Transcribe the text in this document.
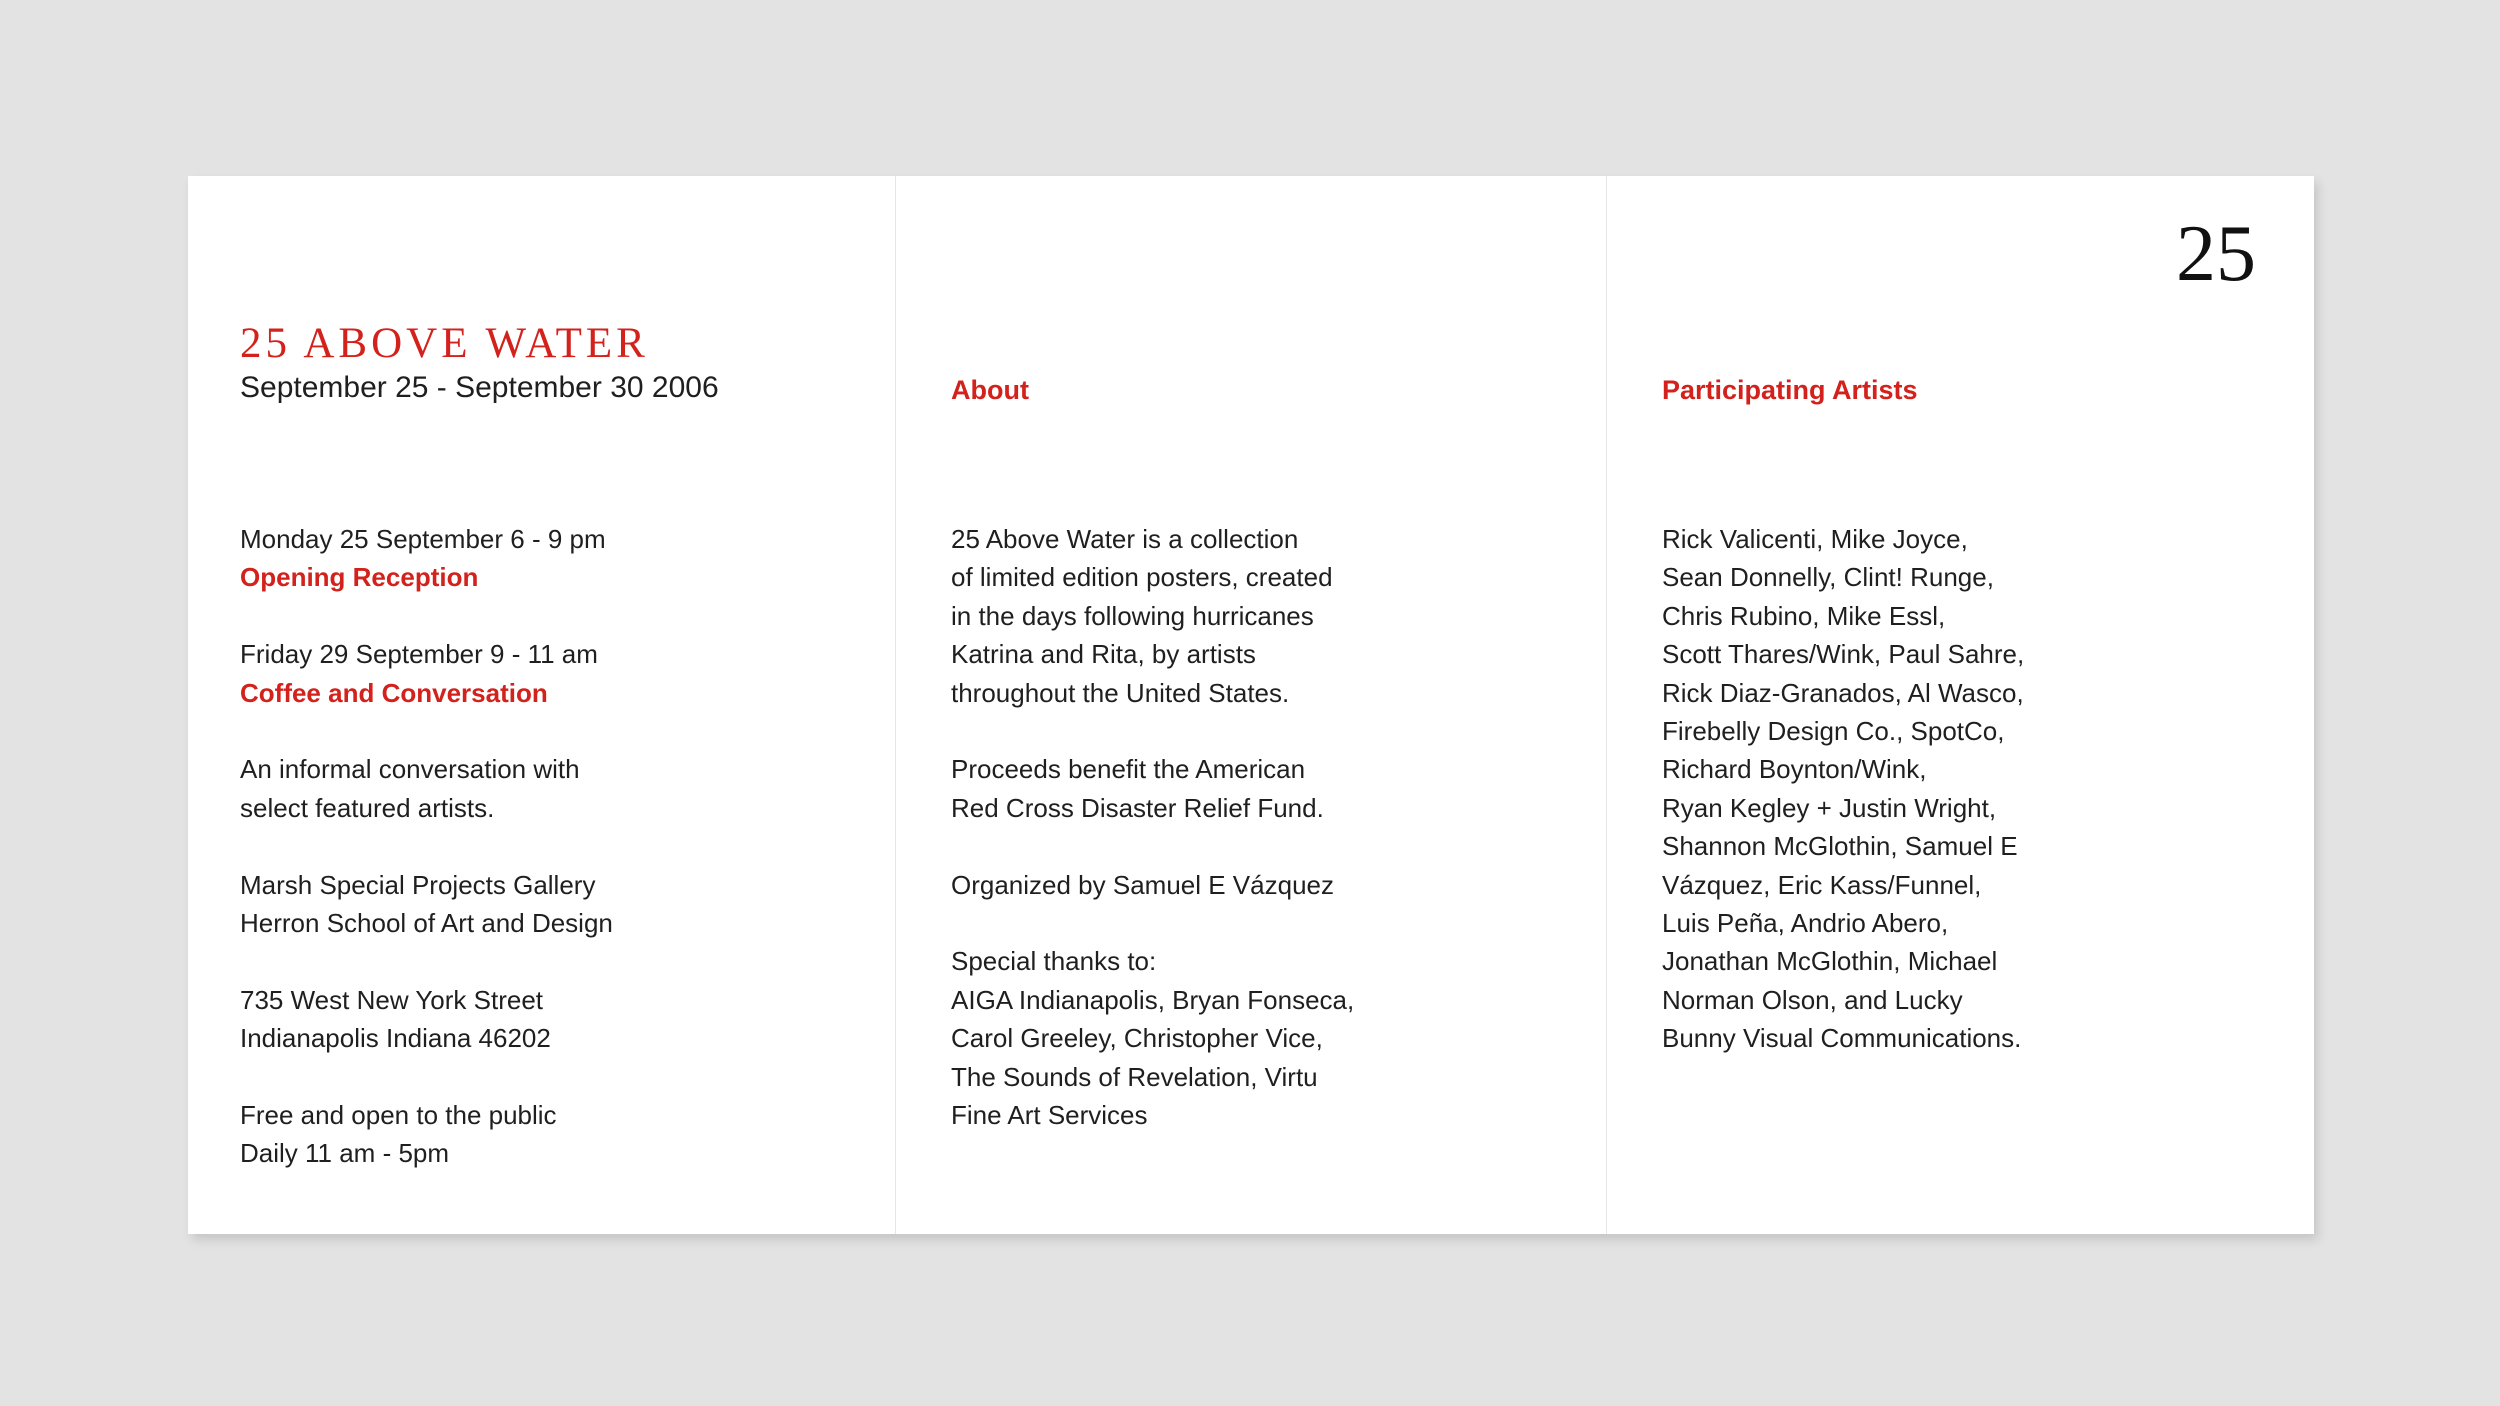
25 ABOVE WATER
September 25 - September 30 2006
Monday 25 September 6 - 9 pm
Opening Reception
Friday 29 September 9 - 11 am
Coffee and Conversation
An informal conversation with
select featured artists.
Marsh Special Projects Gallery
Herron School of Art and Design
735 West New York Street
Indianapolis Indiana 46202
Free and open to the public
Daily 11 am - 5pm
About
25 Above Water is a collection
of limited edition posters, created
in the days following hurricanes
Katrina and Rita, by artists
throughout the United States.
Proceeds benefit the American
Red Cross Disaster Relief Fund.
Organized by Samuel E Vázquez
Special thanks to:
AIGA Indianapolis, Bryan Fonseca,
Carol Greeley, Christopher Vice,
The Sounds of Revelation, Virtu
Fine Art Services
25
Participating Artists
Rick Valicenti, Mike Joyce,
Sean Donnelly, Clint! Runge,
Chris Rubino, Mike Essl,
Scott Thares/Wink, Paul Sahre,
Rick Diaz-Granados, Al Wasco,
Firebelly Design Co., SpotCo,
Richard Boynton/Wink,
Ryan Kegley + Justin Wright,
Shannon McGlothin, Samuel E
Vázquez, Eric Kass/Funnel,
Luis Peña, Andrio Abero,
Jonathan McGlothin, Michael
Norman Olson, and Lucky
Bunny Visual Communications.
